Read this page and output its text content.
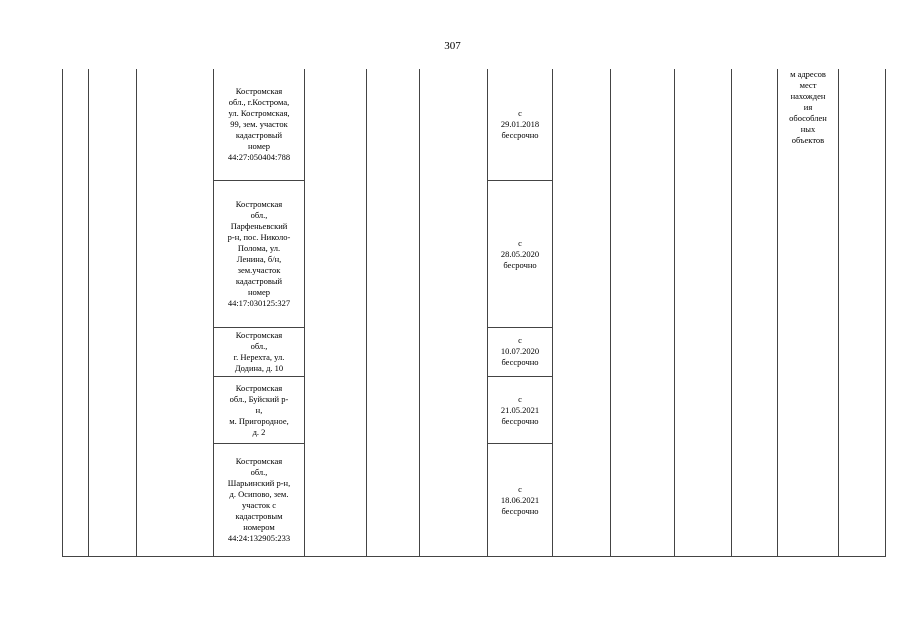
307
Костромская
обл., г.Кострома,
ул. Костромская,
99, зем. участок
кадастровый
номер
44:27:050404:788
Костромская
обл.,
Парфеньевский
р-н, пос. Николо-
Полома, ул.
Ленина, б/н,
зем.участок
кадастровый
номер
44:17:030125:327
Костромская
обл.,
г. Нерехта, ул.
Додина, д. 10
Костромская
обл., Буйский р-
н,
м. Пригородное,
д. 2
Костромская
обл.,
Шарьинский р-н,
д. Осипово, зем.
участок с
кадастровым
номером
44:24:132905:233
с
29.01.2018
бессрочно
с
28.05.2020
бесрочно
с
10.07.2020
бессрочно
с
21.05.2021
бессрочно
с
18.06.2021
бессрочно
м адресов
мест
нахожден
ия
обособлен
ных
объектов
